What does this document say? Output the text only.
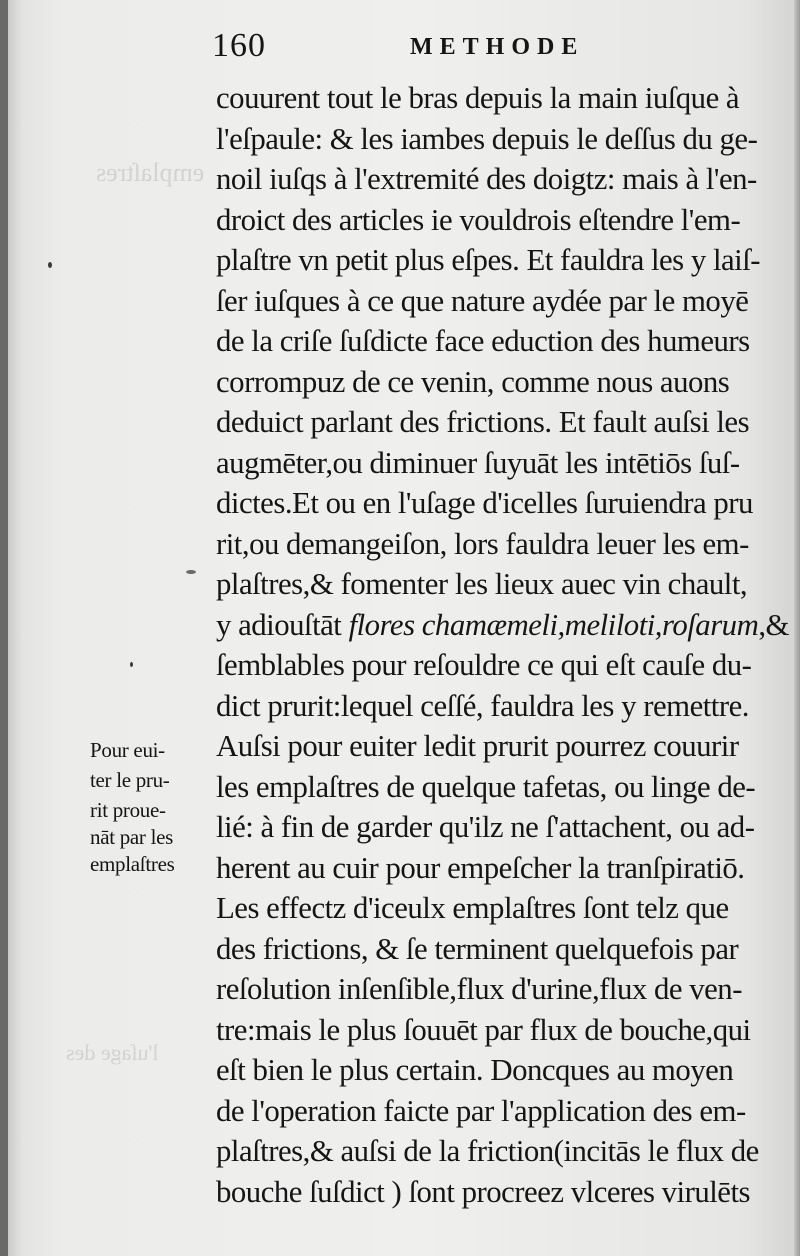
emplaſtres
l'uſage des
160	METHODE
couurent tout le bras depuis la main iuſque à
l'eſpaule: & les iambes depuis le deſſus du ge-
noil iuſqs à l'extremité des doigtz: mais à l'en-
droict des articles ie vouldrois eſtendre l'em-
plaſtre vn petit plus eſpes. Et fauldra les y laiſ-
ſer iuſques à ce que nature aydée par le moyē
de la criſe ſuſdicte face eduction des humeurs
corrompuz de ce venin, comme nous auons
deduict parlant des frictions. Et fault auſsi les
augmēter,ou diminuer ſuyuāt les intētiōs ſuſ-
dictes.Et ou en l'uſage d'icelles ſuruiendra pru
rit,ou demangeiſon, lors fauldra leuer les em-
plaſtres,& fomenter les lieux auec vin chault,
y adiouſtāt flores chamæmeli,meliloti,roſarum,&
ſemblables pour reſouldre ce qui eſt cauſe du-
dict prurit:lequel ceſſé, fauldra les y remettre.
Auſsi pour euiter ledit prurit pourrez couurir
les emplaſtres de quelque tafetas, ou linge de-
lié: à fin de garder qu'ilz ne ſ'attachent, ou ad-
herent au cuir pour empeſcher la tranſpiratiō.
Les effectz d'iceulx emplaſtres ſont telz que
des frictions, & ſe terminent quelquefois par
reſolution inſenſible,flux d'urine,flux de ven-
tre:mais le plus ſouuēt par flux de bouche,qui
eſt bien le plus certain. Doncques au moyen
de l'operation faicte par l'application des em-
plaſtres,& auſsi de la friction(incitās le flux de
bouche ſuſdict ) ſont procreez vlceres virulēts
Pour eui-
ter le pru-
rit proue-
nāt par les
emplaſtres
